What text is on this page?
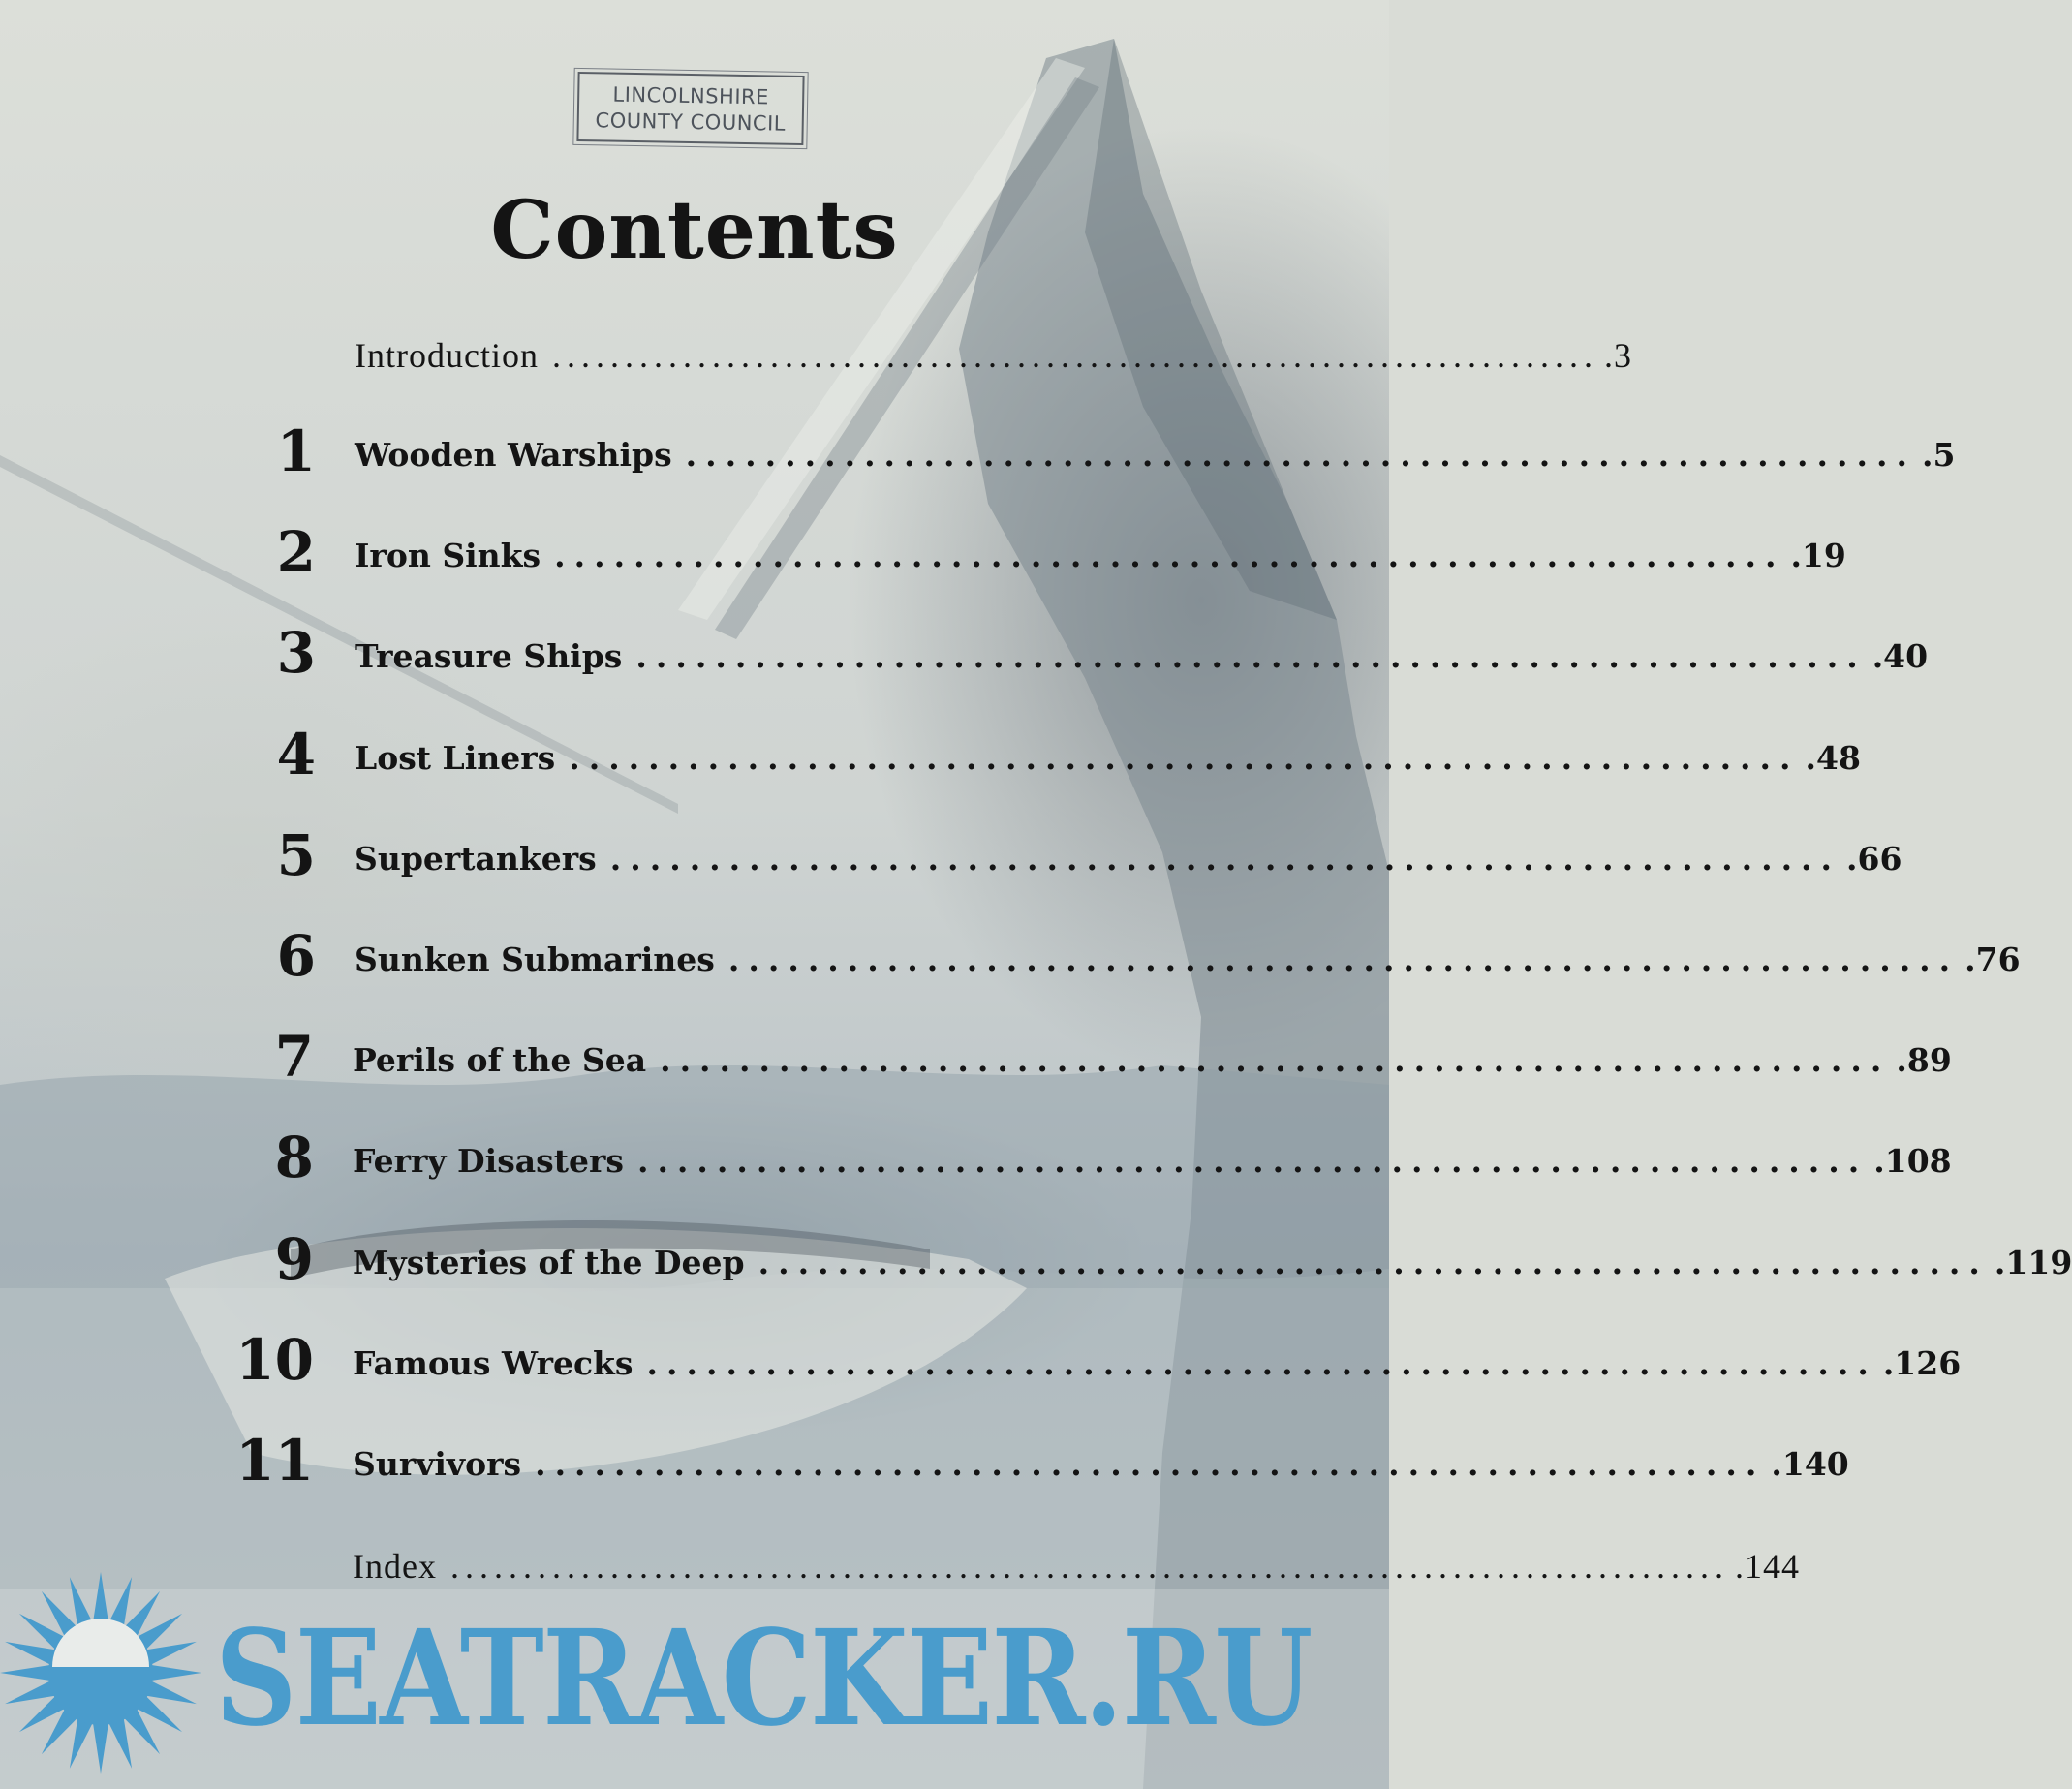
LINCOLNSHIRE
COUNTY COUNCIL
Contents
Introduction ........................................................................ .3
1 Wooden Warships .............................................................. .5
2 Iron Sinks .............................................................. .19
3 Treasure Ships .............................................................. .40
4 Lost Liners .............................................................. .48
5 Supertankers .............................................................. .66
6 Sunken Submarines .............................................................. .76
7 Perils of the Sea .............................................................. .89
8 Ferry Disasters .............................................................. .108
9 Mysteries of the Deep .............................................................. .119
10 Famous Wrecks .............................................................. .126
11 Survivors .............................................................. .140
Index ........................................................................................ .144
SEATRACKER.RU
